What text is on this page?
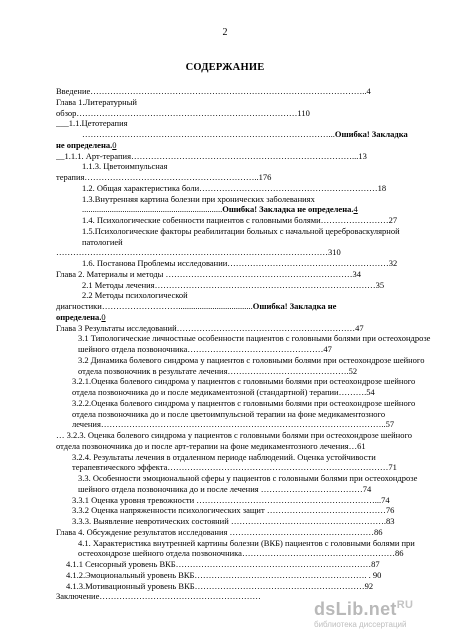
2
СОДЕРЖАНИЕ
Введение……………………………………………………………………………………..4
Глава 1.Литературный
обзор……………………………………………………………………110
___1.1.Цетотерапия
……………………………………………………………………………...Ошибка! Закладка
не определена.0
__1.1.1. Арт-терапия……………………………………………………………………...13
1.1.3. Цветоимпульсная
терапия……………………………………………………..176
1.2. Общая характеристика боли………………………………………………………18
1.3.Внутренняя картина болезни при хронических заболеваниях
..................................................................Ошибка! Закладка не определена.4
1.4. Психологические собенности пациентов с головными болями……………………27
1.5.Психологические факторы реабилитации больных с начальной цереброваскулярной патологией
……………………………………………………………………………………310
1.6. Постанова Проблемы исследовании…………………………………………………32
Глава 2. Материалы и методы …………………………………………………………34
2.1 Методы лечения……………………………………………………………………35
2.2 Методы психологической
диагностики………………………...................................Ошибка! Закладка не
определена.0
Глава 3 Результаты исследований………………………………………………………47
3.1 Типологические личностные особенности пациентов с головными болями при остеохондрозе шейного отдела позвоночника…………………………………………47
3.2 Динамика болевого синдрома у пациентов с головными болями при остеохондрозе шейного отдела позвоночник в результате лечения…………………………………….52
3.2.1.Оценка болевого синдрома у пациентов с головными болями при остеохондрозе шейного отдела позвоночника до и после медикаментозной (стандартной) терапии……….54
3.2.2.Оценка болевого синдрома у пациентов с головными болями при остеохондрозе шейного отдела позвоночника до и после цветоимпульсной терапии на фоне медикаментозного лечения………………………………………………………………………………………..57
… 3.2.3. Оценка болевого синдрома у пациентов с головными болями при остеохондрозе шейного отдела позвоночника до и после арт-терапии на фоне медикаментозного лечения…61
3.2.4. Результаты лечения в отдаленном периоде наблюдений. Оценка устойчивости терапевтического эффекта……………………………………………………………………71
3.3. Особенности эмоциональной сферы у пациентов с головными болями при остеохондрозе шейного отдела позвоночника до и после лечения ………………………………74
3.3.1 Оценка уровня тревожности ………………………………………………………...74
3.3.2 Оценка напряженности психологических защит ……………………………………76
3.3.3. Выявление невротических состояний ……………………………………………….83
Глава 4. Обсуждение результатов исследования ……………………………………………86
4.1. Характеристика внутренней картины болезни (ВКБ) пациентов с головными болями при остеохондрозе шейного отдела позвоночника………………………………………………86
4.1.1 Сенсорный уровень ВКБ……………………………………………………………87
4.1.2.Эмоциональный уровень ВКБ……………………………………………………. . 90
4.1.3.Мотивационный уровень ВКБ……………………………………………………92
Заключение…………………………………………………
dsLib.net$^{RU}$
библиотека диссертаций
